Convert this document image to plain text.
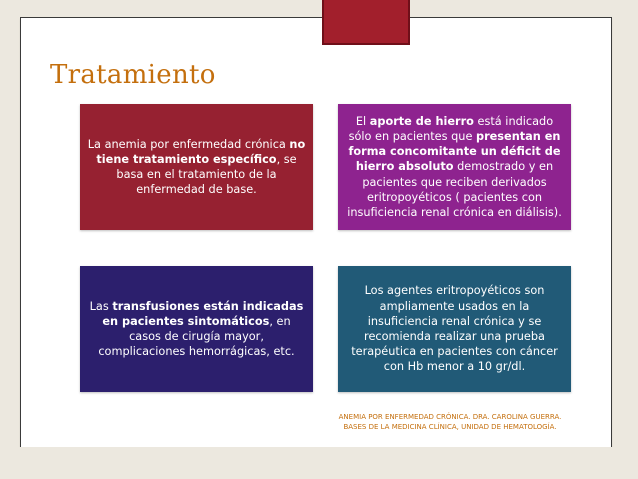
Tratamiento
La anemia por enfermedad crónica no tiene tratamiento específico, se basa en el tratamiento de la enfermedad de base.
El aporte de hierro está indicado sólo en pacientes que presentan en forma concomitante un déficit de hierro absoluto demostrado y en pacientes que reciben derivados eritropoyéticos ( pacientes con insuficiencia renal crónica en diálisis).
Las transfusiones están indicadas en pacientes sintomáticos, en casos de cirugía mayor, complicaciones hemorrágicas, etc.
Los agentes eritropoyéticos son ampliamente usados en la insuficiencia renal crónica y se recomienda realizar una prueba terapéutica en pacientes con cáncer con Hb menor a 10 gr/dl.
ANEMIA POR ENFERMEDAD CRÓNICA. DRA. CAROLINA GUERRA.
BASES DE LA MEDICINA CLÍNICA, UNIDAD DE HEMATOLOGÍA.
